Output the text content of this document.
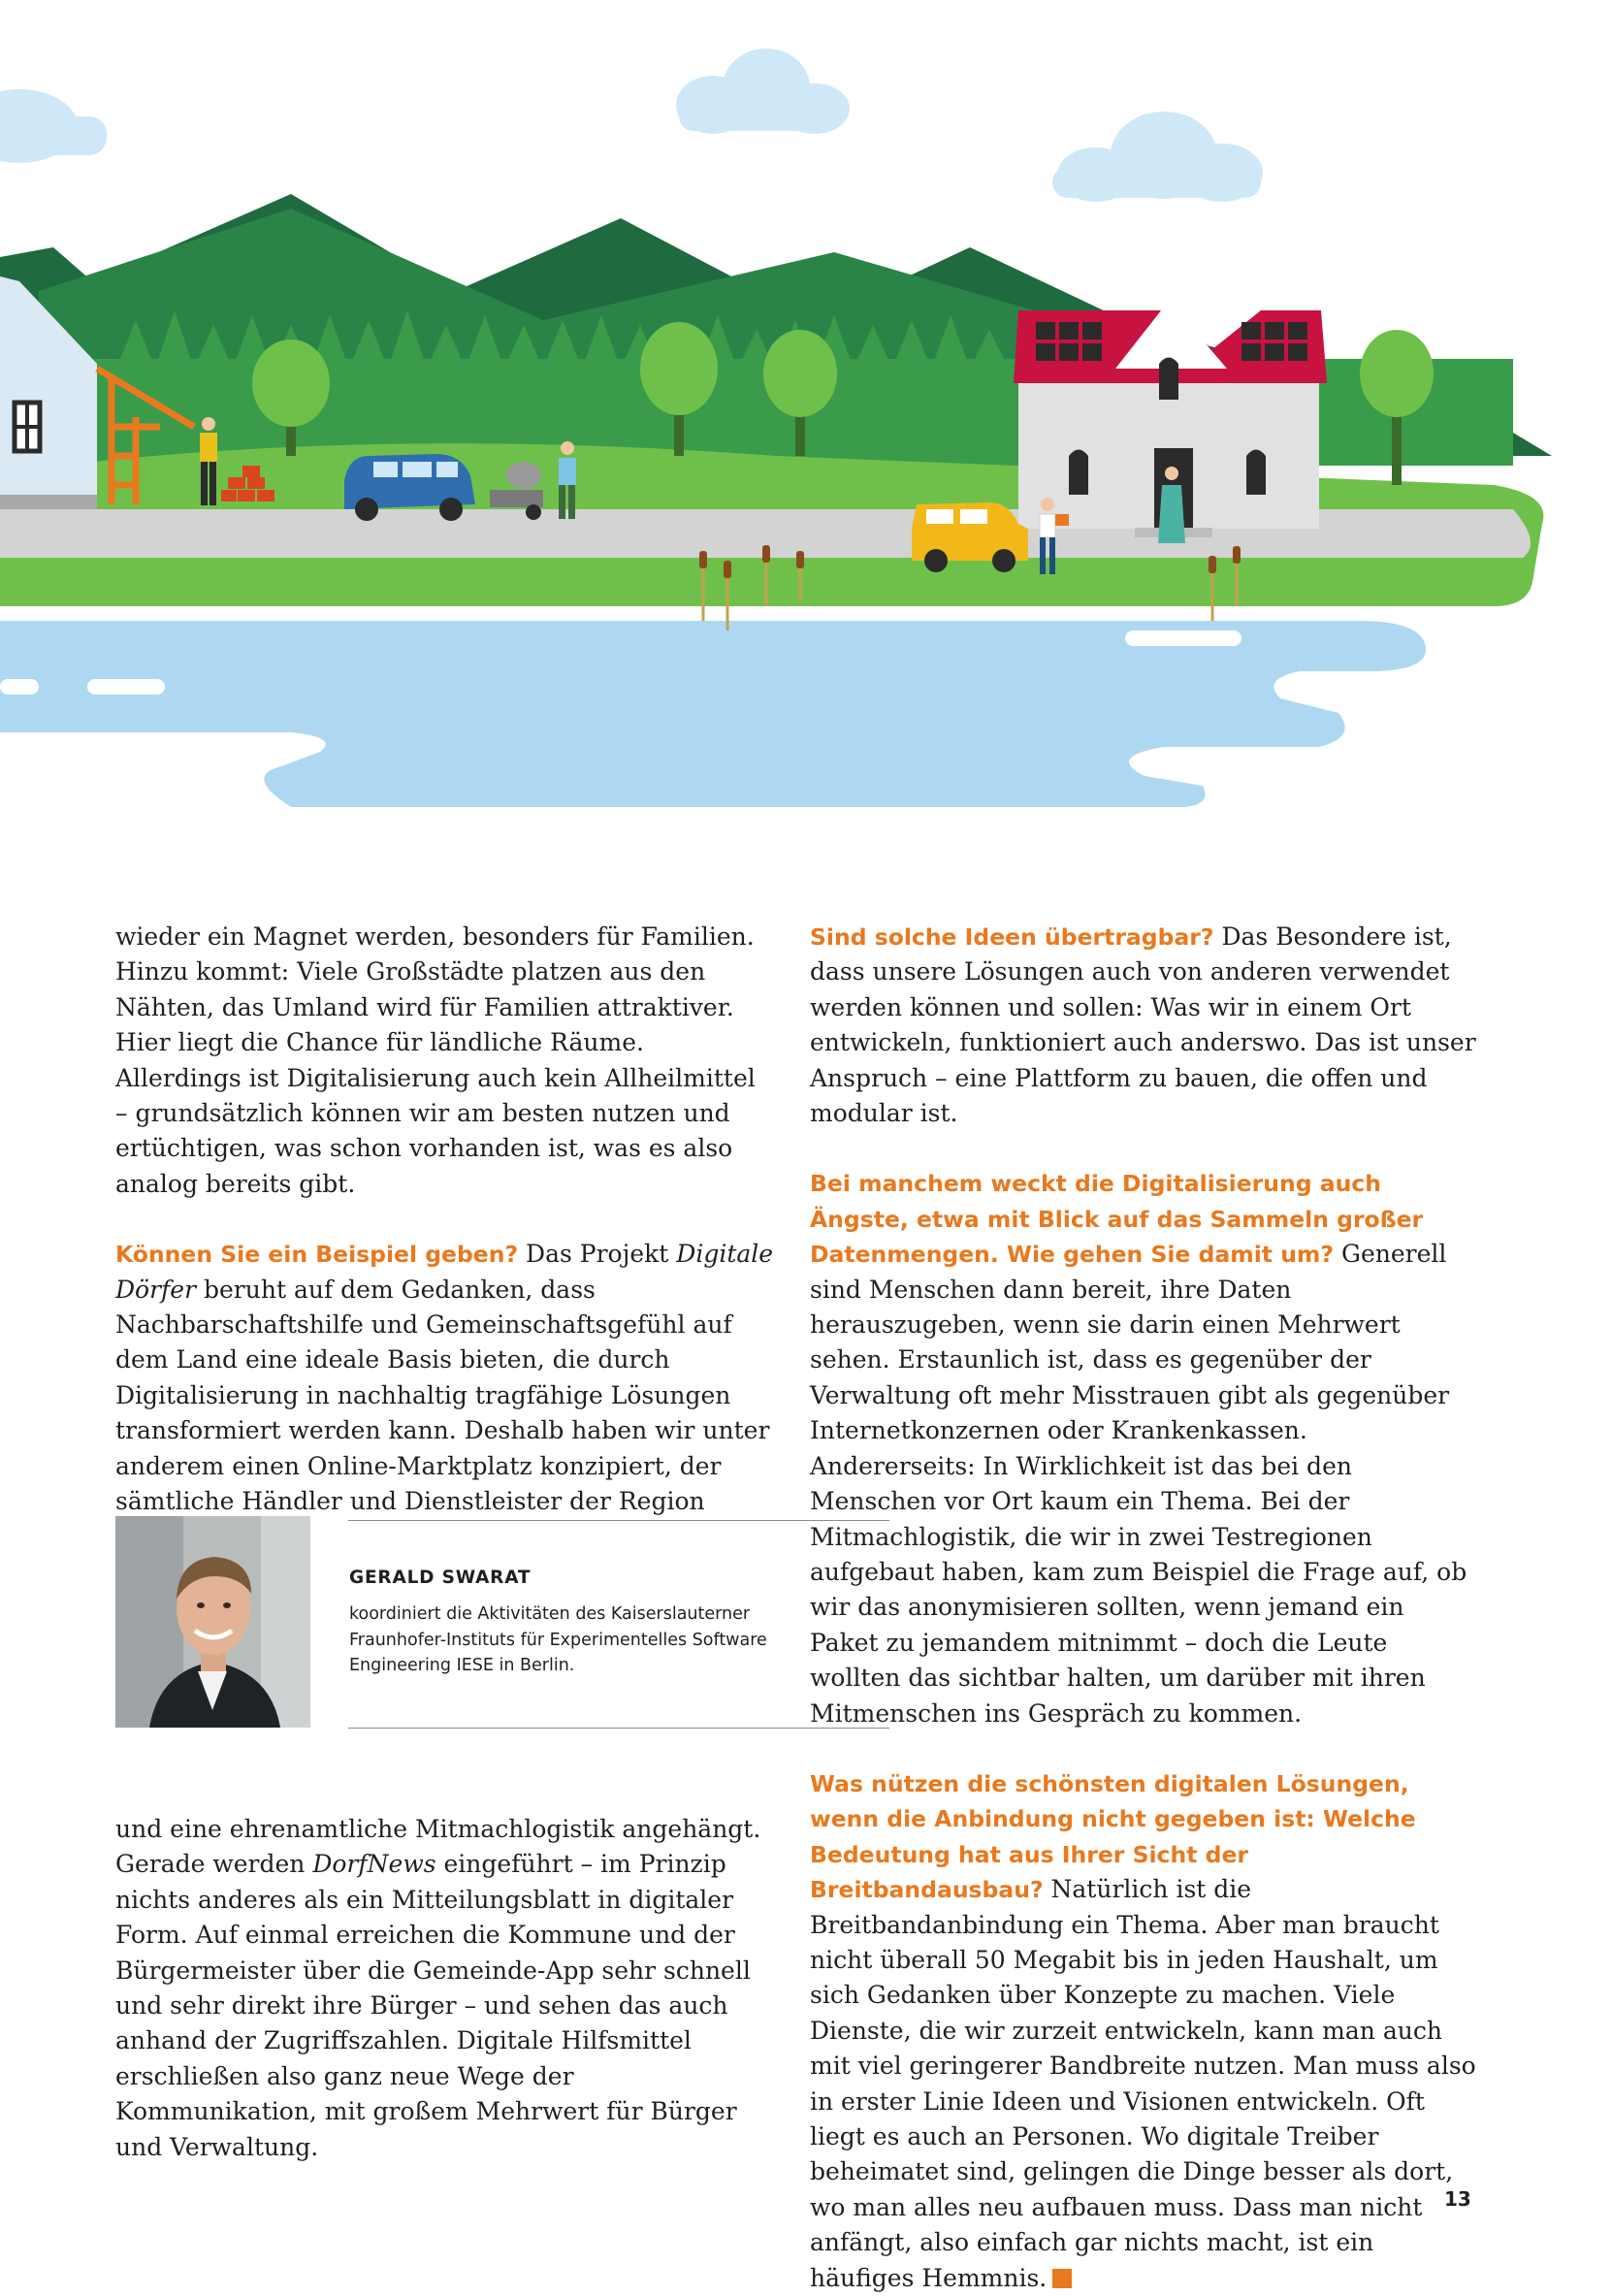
wieder ein Magnet werden, besonders für Familien. Hinzu kommt: Viele Großstädte platzen aus den Nähten, das Umland wird für Familien attraktiver. Hier liegt die Chance für ländliche Räume. Allerdings ist Digitalisierung auch kein Allheilmittel – grundsätzlich können wir am besten nutzen und ertüchtigen, was schon vorhanden ist, was es also analog bereits gibt.

Können Sie ein Beispiel geben? Das Projekt Digitale Dörfer beruht auf dem Gedanken, dass Nachbarschaftshilfe und Gemeinschaftsgefühl auf dem Land eine ideale Basis bieten, die durch Digitalisierung in nachhaltig tragfähige Lösungen transformiert werden kann. Deshalb haben wir unter anderem einen Online-Marktplatz konzipiert, der sämtliche Händler und Dienstleister der Region

GERALD SWARAT
koordiniert die Aktivitäten des Kaiserslauterner Fraunhofer-Instituts für Experimentelles Software Engineering IESE in Berlin.

und eine ehrenamtliche Mitmachlogistik angehängt. Gerade werden DorfNews eingeführt – im Prinzip nichts anderes als ein Mitteilungsblatt in digitaler Form. Auf einmal erreichen die Kommune und der Bürgermeister über die Gemeinde-App sehr schnell und sehr direkt ihre Bürger – und sehen das auch anhand der Zugriffszahlen. Digitale Hilfsmittel erschließen also ganz neue Wege der Kommunikation, mit großem Mehrwert für Bürger und Verwaltung.

Sind solche Ideen übertragbar? Das Besondere ist, dass unsere Lösungen auch von anderen verwendet werden können und sollen: Was wir in einem Ort entwickeln, funktioniert auch anderswo. Das ist unser Anspruch – eine Plattform zu bauen, die offen und modular ist.

Bei manchem weckt die Digitalisierung auch Ängste, etwa mit Blick auf das Sammeln großer Datenmengen. Wie gehen Sie damit um? Generell sind Menschen dann bereit, ihre Daten herauszugeben, wenn sie darin einen Mehrwert sehen. Erstaunlich ist, dass es gegenüber der Verwaltung oft mehr Misstrauen gibt als gegenüber Internetkonzernen oder Krankenkassen. Andererseits: In Wirklichkeit ist das bei den Menschen vor Ort kaum ein Thema. Bei der Mitmachlogistik, die wir in zwei Testregionen aufgebaut haben, kam zum Beispiel die Frage auf, ob wir das anonymisieren sollten, wenn jemand ein Paket zu jemandem mitnimmt – doch die Leute wollten das sichtbar halten, um darüber mit ihren Mitmenschen ins Gespräch zu kommen.

Was nützen die schönsten digitalen Lösungen, wenn die Anbindung nicht gegeben ist: Welche Bedeutung hat aus Ihrer Sicht der Breitbandausbau? Natürlich ist die Breitbandanbindung ein Thema. Aber man braucht nicht überall 50 Megabit bis in jeden Haushalt, um sich Gedanken über Konzepte zu machen. Viele Dienste, die wir zurzeit entwickeln, kann man auch mit viel geringerer Bandbreite nutzen. Man muss also in erster Linie Ideen und Visionen entwickeln. Oft liegt es auch an Personen. Wo digitale Treiber beheimatet sind, gelingen die Dinge besser als dort, wo man alles neu aufbauen muss. Dass man nicht anfängt, also einfach gar nichts macht, ist ein häufiges Hemmnis.

13
